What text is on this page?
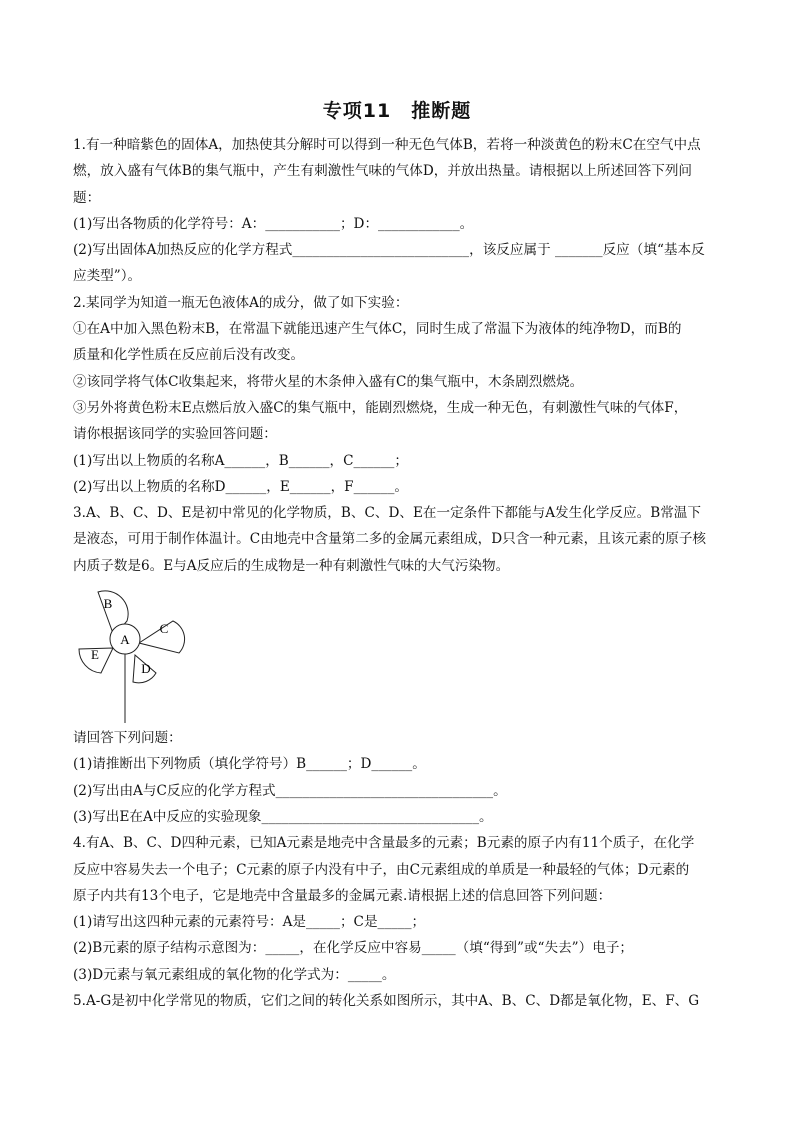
专项11　推断题

1.有一种暗紫色的固体A，加热使其分解时可以得到一种无色气体B，若将一种淡黄色的粉末C在空气中点

燃，放入盛有气体B的集气瓶中，产生有刺激性气味的气体D，并放出热量。请根据以上所述回答下列问

题：

(1)写出各物质的化学符号：A：___________；D：____________。

(2)写出固体A加热反应的化学方程式__________________________，该反应属于 _______反应（填“基本反

应类型”）。

2.某同学为知道一瓶无色液体A的成分，做了如下实验：

①在A中加入黑色粉末B，在常温下就能迅速产生气体C，同时生成了常温下为液体的纯净物D，而B的

质量和化学性质在反应前后没有改变。

②该同学将气体C收集起来，将带火星的木条伸入盛有C的集气瓶中，木条剧烈燃烧。

③另外将黄色粉末E点燃后放入盛C的集气瓶中，能剧烈燃烧，生成一种无色，有刺激性气味的气体F，

请你根据该同学的实验回答问题：

(1)写出以上物质的名称A______，B______，C______；

(2)写出以上物质的名称D______，E______，F______。

3.A、B、C、D、E是初中常见的化学物质，B、C、D、E在一定条件下都能与A发生化学反应。B常温下

是液态，可用于制作体温计。C由地壳中含量第二多的金属元素组成，D只含一种元素，且该元素的原子核

内质子数是6。E与A反应后的生成物是一种有刺激性气味的大气污染物。

A
B
C
D
E

请回答下列问题：

(1)请推断出下列物质（填化学符号）B______；D______。

(2)写出由A与C反应的化学方程式________________________________。

(3)写出E在A中反应的实验现象________________________________。

4.有A、B、C、D四种元素，已知A元素是地壳中含量最多的元素；B元素的原子内有11个质子，在化学

反应中容易失去一个电子；C元素的原子内没有中子，由C元素组成的单质是一种最轻的气体；D元素的

原子内共有13个电子，它是地壳中含量最多的金属元素.请根据上述的信息回答下列问题：

(1)请写出这四种元素的元素符号：A是_____；C是_____；

(2)B元素的原子结构示意图为：_____，在化学反应中容易_____（填“得到”或“失去”）电子；

(3)D元素与氧元素组成的氧化物的化学式为：_____。

5.A-G是初中化学常见的物质，它们之间的转化关系如图所示，其中A、B、C、D都是氧化物，E、F、G
